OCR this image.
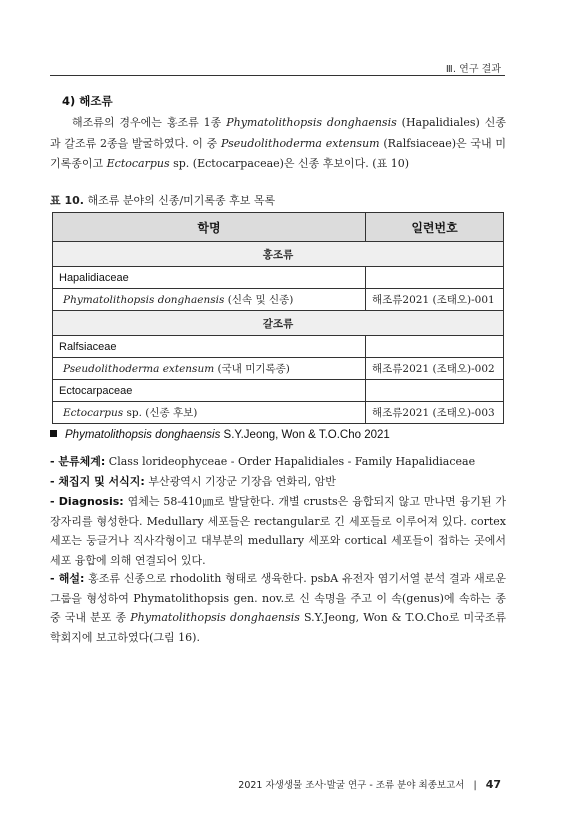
Ⅲ. 연구 결과
4) 해조류
해조류의 경우에는 홍조류 1종 Phymatolithopsis donghaensis (Hapalidiales) 신종과 갈조류 2종을 발굴하였다. 이 중 Pseudolithoderma extensum (Ralfsiaceae)은 국내 미기록종이고 Ectocarpus sp. (Ectocarpaceae)은 신종 후보이다. (표 10)
표 10. 해조류 분야의 신종/미기록종 후보 목록
학명	일련번호
홍조류	
Hapalidiaceae	
Phymatolithopsis donghaensis (신속 및 신종)	해조류2021 (조태오)-001
갈조류	
Ralfsiaceae	
Pseudolithoderma extensum (국내 미기록종)	해조류2021 (조태오)-002
Ectocarpaceae	
Ectocarpus sp. (신종 후보)	해조류2021 (조태오)-003
Phymatolithopsis donghaensis S.Y.Jeong, Won & T.O.Cho 2021
- 분류체계: Class lorideophyceae - Order Hapalidiales - Family Hapalidiaceae
- 채집지 및 서식지: 부산광역시 기장군 기장읍 연화리, 암반
- Diagnosis: 엽체는 58-410㎛로 발달한다. 개별 crusts은 융합되지 않고 만나면 융기된 가장자리를 형성한다. Medullary 세포들은 rectangular로 긴 세포들로 이루어져 있다. cortex 세포는 둥글거나 직사각형이고 대부분의 medullary 세포와 cortical 세포들이 접하는 곳에서 세포 융합에 의해 연결되어 있다.
- 해설: 홍조류 신종으로 rhodolith 형태로 생육한다. psbA 유전자 염기서열 분석 결과 새로운 그룹을 형성하여 Phymatolithopsis gen. nov.로 신 속명을 주고 이 속(genus)에 속하는 종 중 국내 분포 종 Phymatolithopsis donghaensis S.Y.Jeong, Won & T.O.Cho로 미국조류학회지에 보고하였다(그림 16).
2021 자생생물 조사·발굴 연구 - 조류 분야 최종보고서 | 47
